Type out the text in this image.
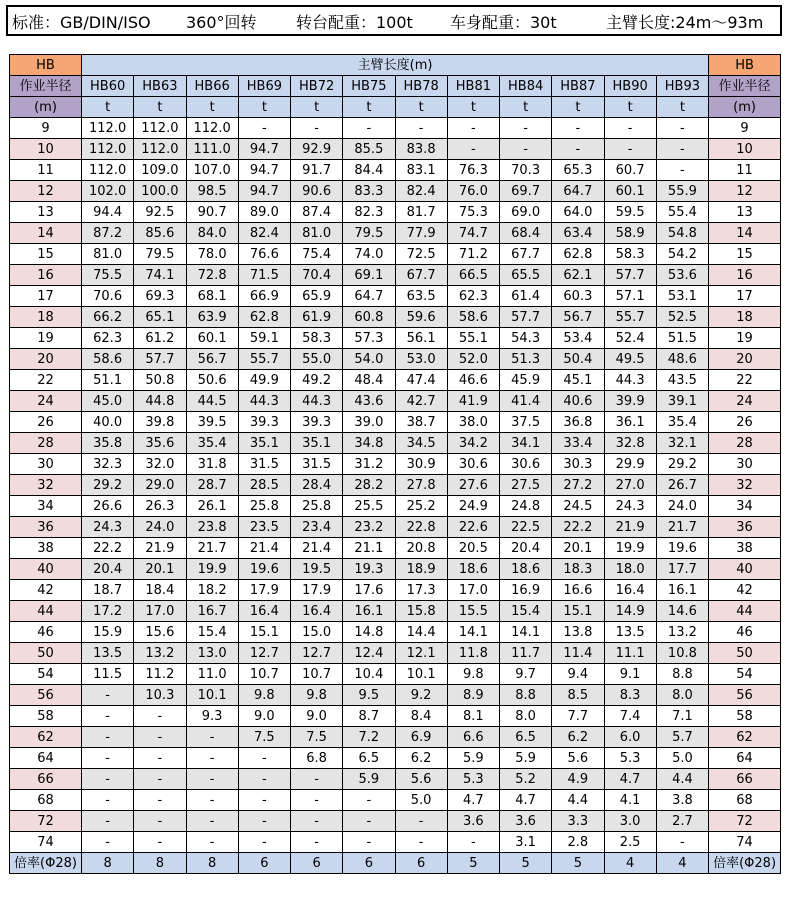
标准：GB/DIN/ISO 360°回转 转台配重：100t 车身配重：30t	主臂长度:24m～93m
HB	主臂长度(m)												HB
作业半径	HB60	HB63	HB66	HB69	HB72	HB75	HB78	HB81	HB84	HB87	HB90	HB93	作业半径
(m)	t	t	t	t	t	t	t	t	t	t	t	t	(m)
9	112.0	112.0	112.0	-	-	-	-	-	-	-	-	-	9
10	112.0	112.0	111.0	94.7	92.9	85.5	83.8	-	-	-	-	-	10
11	112.0	109.0	107.0	94.7	91.7	84.4	83.1	76.3	70.3	65.3	60.7	-	11
12	102.0	100.0	98.5	94.7	90.6	83.3	82.4	76.0	69.7	64.7	60.1	55.9	12
13	94.4	92.5	90.7	89.0	87.4	82.3	81.7	75.3	69.0	64.0	59.5	55.4	13
14	87.2	85.6	84.0	82.4	81.0	79.5	77.9	74.7	68.4	63.4	58.9	54.8	14
15	81.0	79.5	78.0	76.6	75.4	74.0	72.5	71.2	67.7	62.8	58.3	54.2	15
16	75.5	74.1	72.8	71.5	70.4	69.1	67.7	66.5	65.5	62.1	57.7	53.6	16
17	70.6	69.3	68.1	66.9	65.9	64.7	63.5	62.3	61.4	60.3	57.1	53.1	17
18	66.2	65.1	63.9	62.8	61.9	60.8	59.6	58.6	57.7	56.7	55.7	52.5	18
19	62.3	61.2	60.1	59.1	58.3	57.3	56.1	55.1	54.3	53.4	52.4	51.5	19
20	58.6	57.7	56.7	55.7	55.0	54.0	53.0	52.0	51.3	50.4	49.5	48.6	20
22	51.1	50.8	50.6	49.9	49.2	48.4	47.4	46.6	45.9	45.1	44.3	43.5	22
24	45.0	44.8	44.5	44.3	44.3	43.6	42.7	41.9	41.4	40.6	39.9	39.1	24
26	40.0	39.8	39.5	39.3	39.3	39.0	38.7	38.0	37.5	36.8	36.1	35.4	26
28	35.8	35.6	35.4	35.1	35.1	34.8	34.5	34.2	34.1	33.4	32.8	32.1	28
30	32.3	32.0	31.8	31.5	31.5	31.2	30.9	30.6	30.6	30.3	29.9	29.2	30
32	29.2	29.0	28.7	28.5	28.4	28.2	27.8	27.6	27.5	27.2	27.0	26.7	32
34	26.6	26.3	26.1	25.8	25.8	25.5	25.2	24.9	24.8	24.5	24.3	24.0	34
36	24.3	24.0	23.8	23.5	23.4	23.2	22.8	22.6	22.5	22.2	21.9	21.7	36
38	22.2	21.9	21.7	21.4	21.4	21.1	20.8	20.5	20.4	20.1	19.9	19.6	38
40	20.4	20.1	19.9	19.6	19.5	19.3	18.9	18.6	18.6	18.3	18.0	17.7	40
42	18.7	18.4	18.2	17.9	17.9	17.6	17.3	17.0	16.9	16.6	16.4	16.1	42
44	17.2	17.0	16.7	16.4	16.4	16.1	15.8	15.5	15.4	15.1	14.9	14.6	44
46	15.9	15.6	15.4	15.1	15.0	14.8	14.4	14.1	14.1	13.8	13.5	13.2	46
50	13.5	13.2	13.0	12.7	12.7	12.4	12.1	11.8	11.7	11.4	11.1	10.8	50
54	11.5	11.2	11.0	10.7	10.7	10.4	10.1	9.8	9.7	9.4	9.1	8.8	54
56	-	10.3	10.1	9.8	9.8	9.5	9.2	8.9	8.8	8.5	8.3	8.0	56
58	-	-	9.3	9.0	9.0	8.7	8.4	8.1	8.0	7.7	7.4	7.1	58
62	-	-	-	7.5	7.5	7.2	6.9	6.6	6.5	6.2	6.0	5.7	62
64	-	-	-	-	6.8	6.5	6.2	5.9	5.9	5.6	5.3	5.0	64
66	-	-	-	-	-	5.9	5.6	5.3	5.2	4.9	4.7	4.4	66
68	-	-	-	-	-	-	5.0	4.7	4.7	4.4	4.1	3.8	68
72	-	-	-	-	-	-	-	3.6	3.6	3.3	3.0	2.7	72
74	-	-	-	-	-	-	-	-	3.1	2.8	2.5	-	74
倍率(Φ28)	8	8	8	6	6	6	6	5	5	5	4	4	倍率(Φ28)
